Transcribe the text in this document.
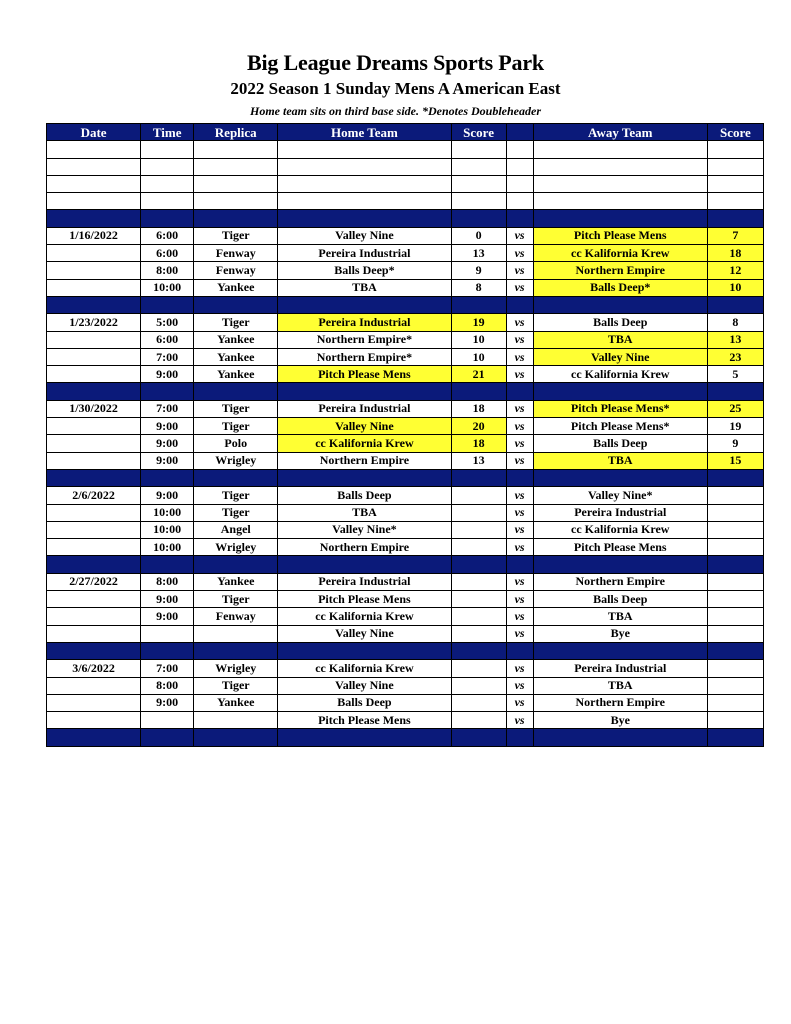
Big League Dreams Sports Park
2022 Season 1 Sunday Mens A American East
Home team sits on third base side. *Denotes Doubleheader
Date	Time	Replica	Home Team	Score		Away Team	Score

1/16/2022	6:00	Tiger	Valley Nine	0	vs	Pitch Please Mens	7
	6:00	Fenway	Pereira Industrial	13	vs	cc Kalifornia Krew	18
	8:00	Fenway	Balls Deep*	9	vs	Northern Empire	12
	10:00	Yankee	TBA	8	vs	Balls Deep*	10

1/23/2022	5:00	Tiger	Pereira Industrial	19	vs	Balls Deep	8
	6:00	Yankee	Northern Empire*	10	vs	TBA	13
	7:00	Yankee	Northern Empire*	10	vs	Valley Nine	23
	9:00	Yankee	Pitch Please Mens	21	vs	cc Kalifornia Krew	5

1/30/2022	7:00	Tiger	Pereira Industrial	18	vs	Pitch Please Mens*	25
	9:00	Tiger	Valley Nine	20	vs	Pitch Please Mens*	19
	9:00	Polo	cc Kalifornia Krew	18	vs	Balls Deep	9
	9:00	Wrigley	Northern Empire	13	vs	TBA	15

2/6/2022	9:00	Tiger	Balls Deep		vs	Valley Nine*	
	10:00	Tiger	TBA		vs	Pereira Industrial	
	10:00	Angel	Valley Nine*		vs	cc Kalifornia Krew	
	10:00	Wrigley	Northern Empire		vs	Pitch Please Mens	

2/27/2022	8:00	Yankee	Pereira Industrial		vs	Northern Empire	
	9:00	Tiger	Pitch Please Mens		vs	Balls Deep	
	9:00	Fenway	cc Kalifornia Krew		vs	TBA	
			Valley Nine		vs	Bye	

3/6/2022	7:00	Wrigley	cc Kalifornia Krew		vs	Pereira Industrial	
	8:00	Tiger	Valley Nine		vs	TBA	
	9:00	Yankee	Balls Deep		vs	Northern Empire	
			Pitch Please Mens		vs	Bye	
